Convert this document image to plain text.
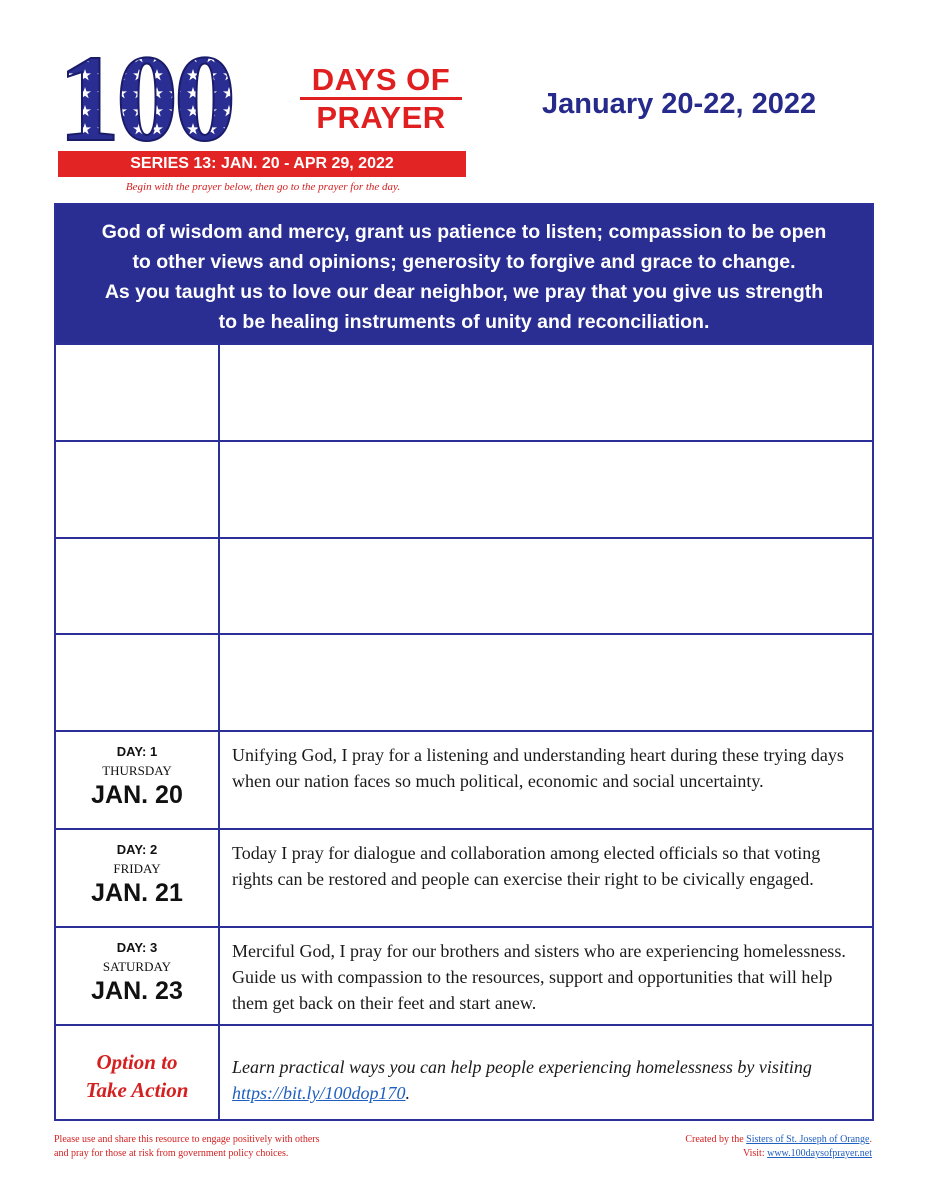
100	DAYS OF
PRAYER
SERIES 13: JAN. 20 - APR 29, 2022
Begin with the prayer below, then go to the prayer for the day.
January 20-22, 2022
God of wisdom and mercy, grant us patience to listen; compassion to be open
to other views and opinions; generosity to forgive and grace to change.
As you taught us to love our dear neighbor, we pray that you give us strength
to be healing instruments of unity and reconciliation.
DAY: 1
THURSDAY
JAN. 20
Unifying God, I pray for a listening and understanding heart during these trying days when our nation faces so much political, economic and social uncertainty.
DAY: 2
FRIDAY
JAN. 21
Today I pray for dialogue and collaboration among elected officials so that voting rights can be restored and people can exercise their right to be civically engaged.
DAY: 3
SATURDAY
JAN. 23
Merciful God, I pray for our brothers and sisters who are experiencing homelessness. Guide us with compassion to the resources, support and opportunities that will help them get back on their feet and start anew.
Option to
Take Action
Learn practical ways you can help people experiencing homelessness by visiting https://bit.ly/100dop170.
Please use and share this resource to engage positively with others
and pray for those at risk from government policy choices.
Created by the Sisters of St. Joseph of Orange.
Visit: www.100daysofprayer.net
